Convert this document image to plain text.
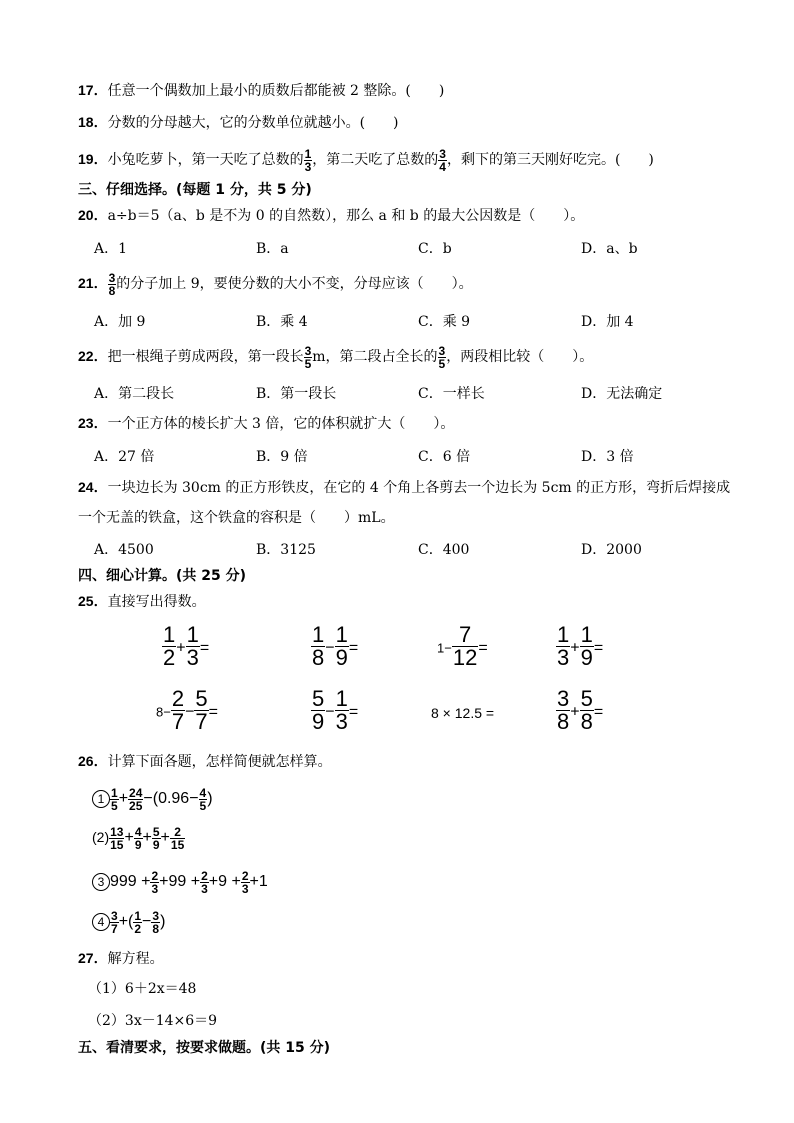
17．任意一个偶数加上最小的质数后都能被 2 整除。(　　)
18．分数的分母越大，它的分数单位就越小。(　　)
19．小兔吃萝卜，第一天吃了总数的 $\frac{1}{3}$ ，第二天吃了总数的 $\frac{3}{4}$ ，剩下的第三天刚好吃完。(　　)
三、仔细选择。(每题 1 分，共 5 分)
20．a÷b＝5（a、b 是不为 0 的自然数），那么 a 和 b 的最大公因数是（　　）。
A．1	B．a	C．b	D．a、b
21． $\frac{3}{8}$ 的分子加上 9，要使分数的大小不变，分母应该（　　）。
A．加 9	B．乘 4	C．乘 9	D．加 4
22．把一根绳子剪成两段，第一段长 $\frac{3}{5}$ m，第二段占全长的 $\frac{3}{5}$ ，两段相比较（　　）。
A．第二段长	B．第一段长	C．一样长	D．无法确定
23．一个正方体的棱长扩大 3 倍，它的体积就扩大（　　）。
A．27 倍	B．9 倍	C．6 倍	D．3 倍
24．一块边长为 30cm 的正方形铁皮，在它的 4 个角上各剪去一个边长为 5cm 的正方形，弯折后焊接成
一个无盖的铁盒，这个铁盒的容积是（　　）mL。
A．4500	B．3125	C．400	D．2000
四、细心计算。(共 25 分)
25．直接写出得数。
$\frac{1}{2} + \frac{1}{3}$ =	$\frac{1}{8} - \frac{1}{9}$ =	$1- \frac{7}{12}$ =	$\frac{1}{3} + \frac{1}{9}$ =
$8- \frac{2}{7} - \frac{5}{7}$ =	$\frac{5}{9} - \frac{1}{3}$ =	8 × 12.5 =	$\frac{3}{8} + \frac{5}{8}$ =
26．计算下面各题，怎样简便就怎样算。
$1 \frac{1}{5} + \frac{24}{25} -(0.96- \frac{4}{5}$ )
$(2) \frac{13}{15} + \frac{4}{9} + \frac{5}{9} + \frac{2}{15}$
3 $999 + \frac{2}{3} +99 + \frac{2}{3} +9 + \frac{2}{3} +1$
$4 \frac{3}{7}$ +( $\frac{1}{2} - \frac{3}{8}$ )
27．解方程。
（1）6＋2x＝48
（2）3x－14×6＝9
五、看清要求，按要求做题。(共 15 分)
